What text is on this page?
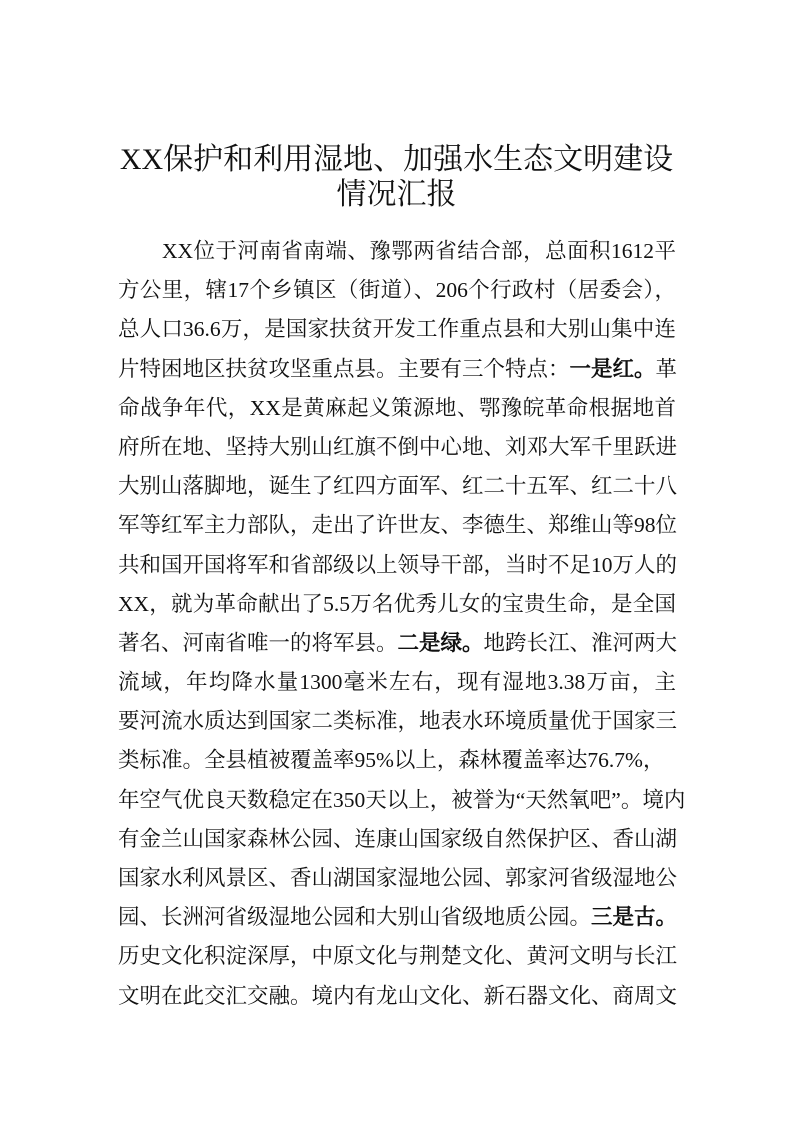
XX保护和利用湿地、加强水生态文明建设
情况汇报
XX位于河南省南端、豫鄂两省结合部，总面积1612平
方公里，辖17个乡镇区（街道）、206个行政村（居委会），
总人口36.6万，是国家扶贫开发工作重点县和大别山集中连
片特困地区扶贫攻坚重点县。主要有三个特点：一是红。革
命战争年代，XX是黄麻起义策源地、鄂豫皖革命根据地首
府所在地、坚持大别山红旗不倒中心地、刘邓大军千里跃进
大别山落脚地，诞生了红四方面军、红二十五军、红二十八
军等红军主力部队，走出了许世友、李德生、郑维山等98位
共和国开国将军和省部级以上领导干部，当时不足10万人的
XX，就为革命献出了5.5万名优秀儿女的宝贵生命，是全国
著名、河南省唯一的将军县。二是绿。地跨长江、淮河两大
流域，年均降水量1300毫米左右，现有湿地3.38万亩，主
要河流水质达到国家二类标准，地表水环境质量优于国家三
类标准。全县植被覆盖率95%以上，森林覆盖率达76.7%，
年空气优良天数稳定在350天以上，被誉为“天然氧吧”。境内
有金兰山国家森林公园、连康山国家级自然保护区、香山湖
国家水利风景区、香山湖国家湿地公园、郭家河省级湿地公
园、长洲河省级湿地公园和大别山省级地质公园。三是古。
历史文化积淀深厚，中原文化与荆楚文化、黄河文明与长江
文明在此交汇交融。境内有龙山文化、新石器文化、商周文
